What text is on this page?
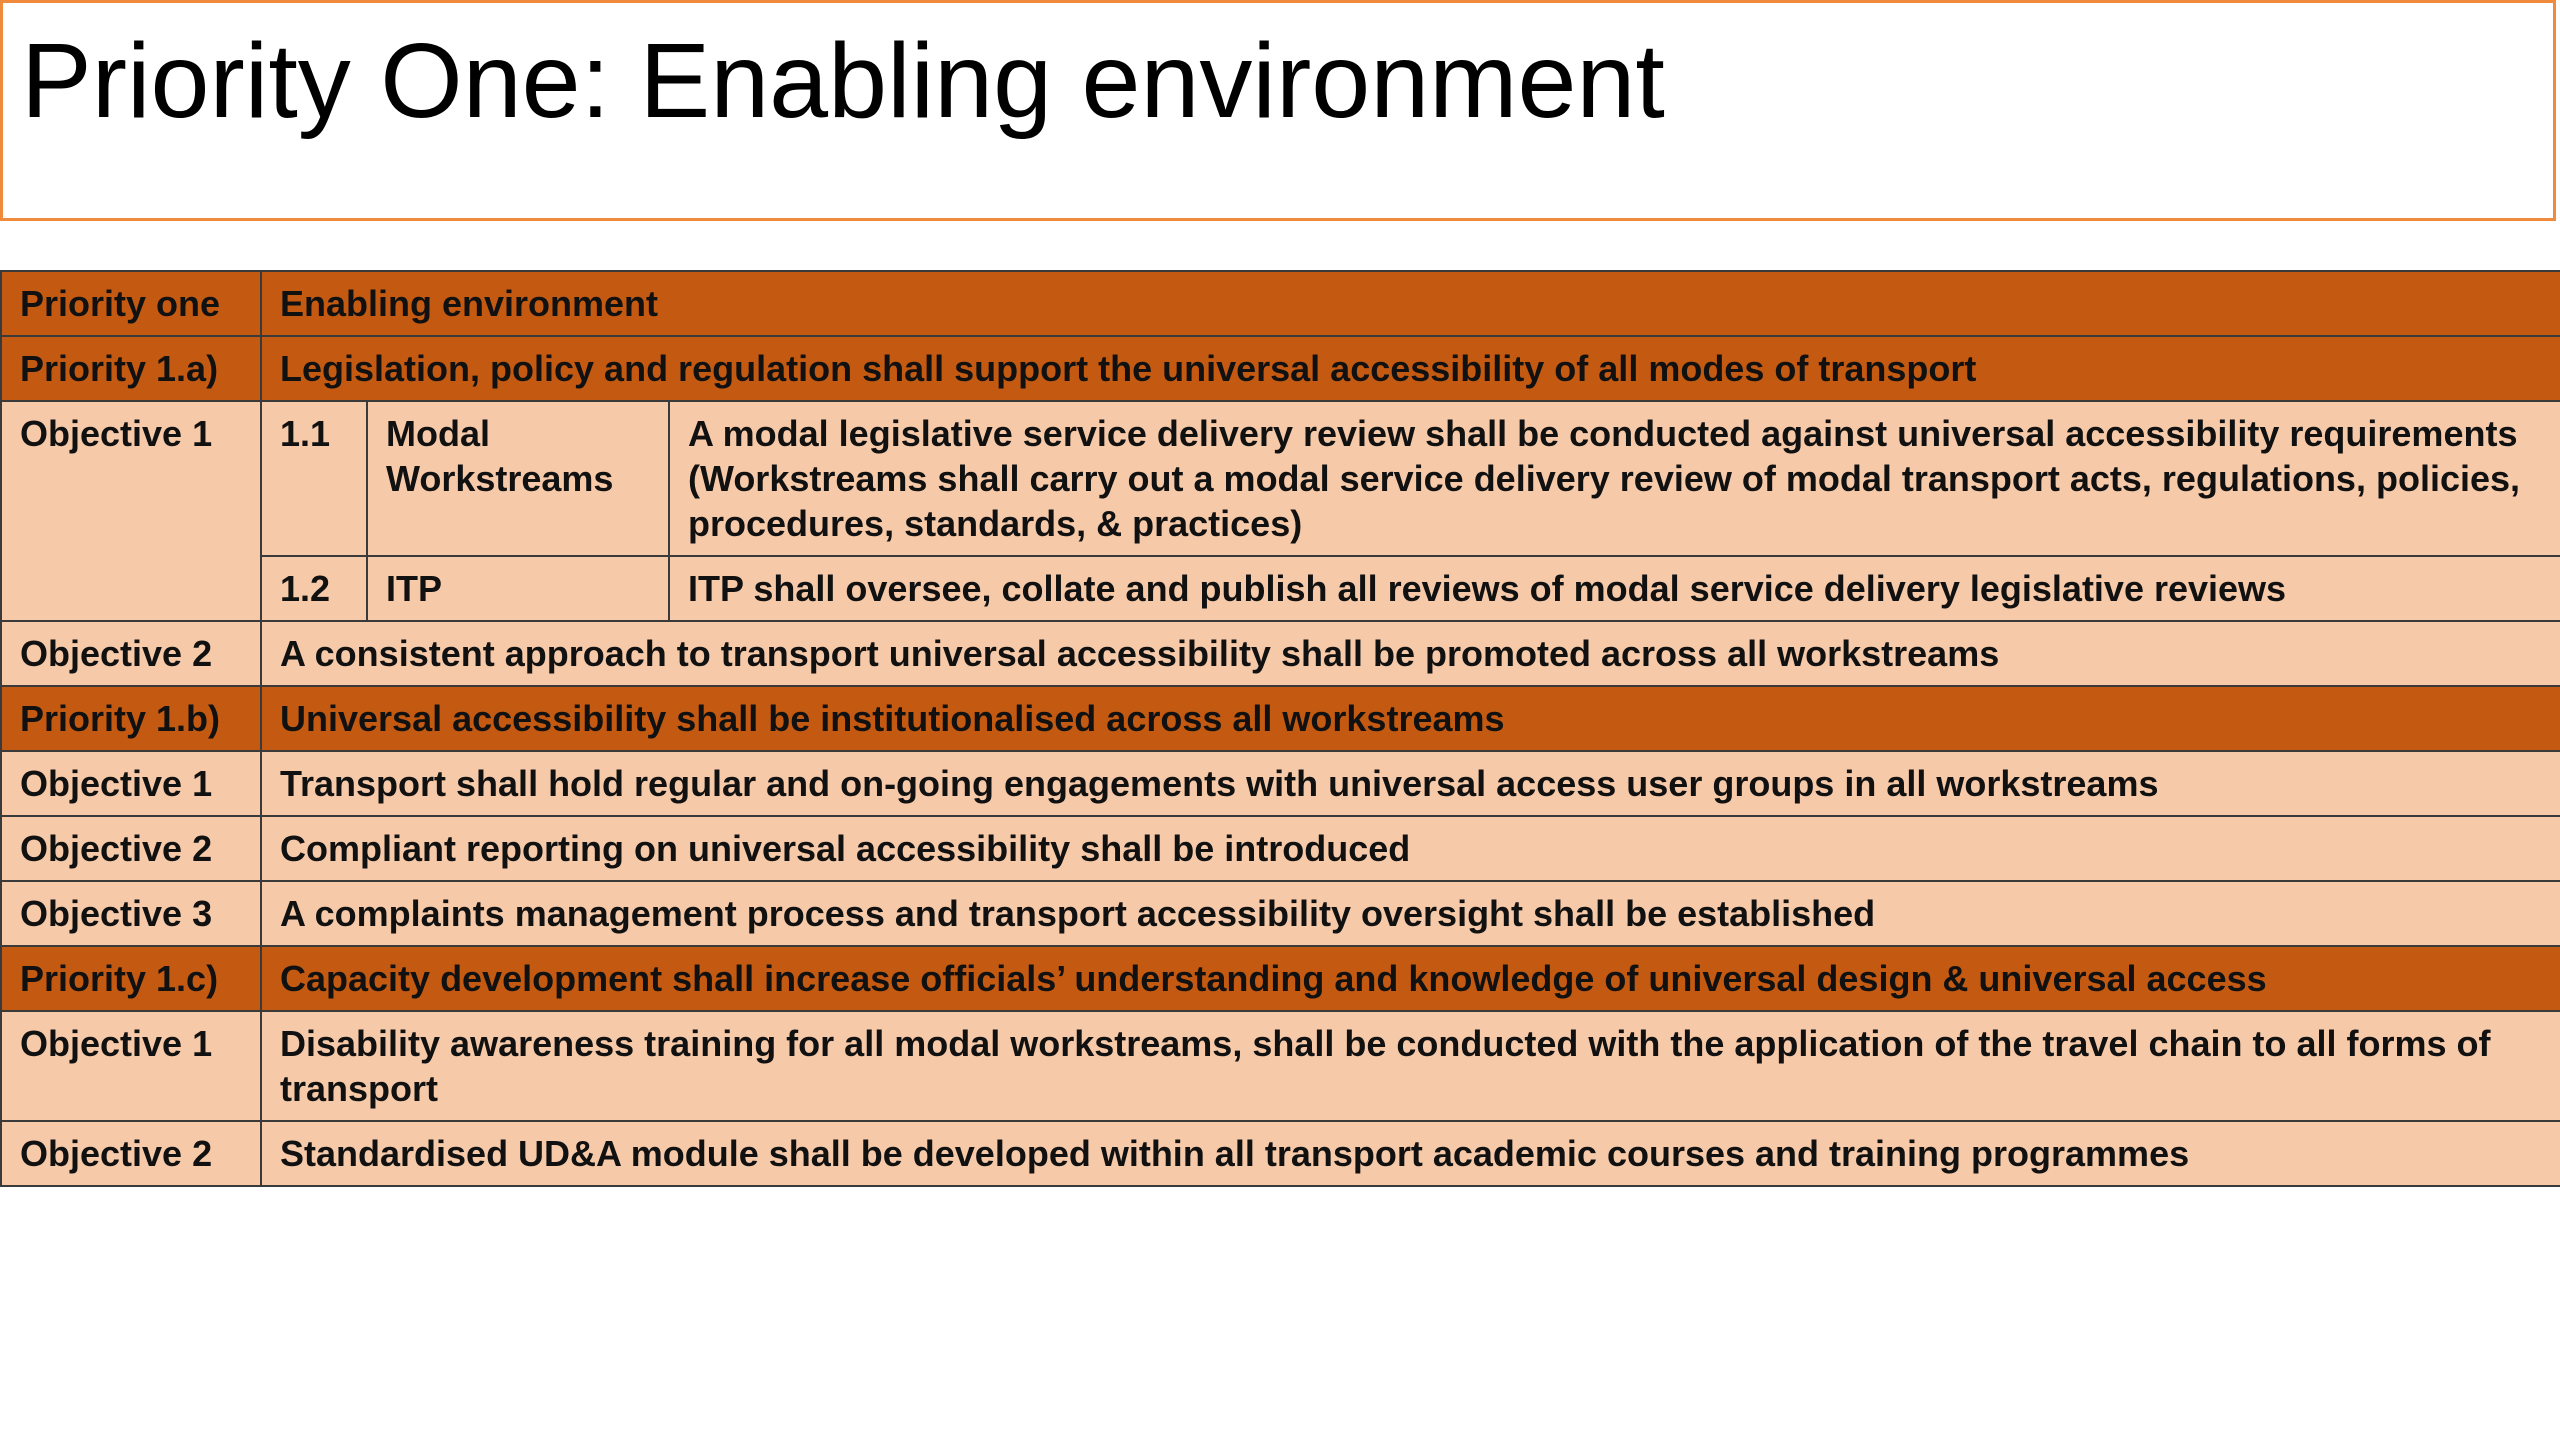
Priority One: Enabling environment
Priority one	Enabling environment		
Priority 1.a)	Legislation, policy and regulation shall support the universal accessibility of all modes of transport		
Objective 1	1.1	Modal Workstreams	A modal legislative service delivery review shall be conducted against universal accessibility requirements (Workstreams shall carry out a modal service delivery review of modal transport acts, regulations, policies, procedures, standards, & practices)
	1.2	ITP	ITP shall oversee, collate and publish all reviews of modal service delivery legislative reviews
Objective 2	A consistent approach to transport universal accessibility shall be promoted across all workstreams		
Priority 1.b)	Universal accessibility shall be institutionalised across all workstreams		
Objective 1	Transport shall hold regular and on-going engagements with universal access user groups in all workstreams		
Objective 2	Compliant reporting on universal accessibility shall be introduced		
Objective 3	A complaints management process and transport accessibility oversight shall be established		
Priority 1.c)	Capacity development shall increase officials’ understanding and knowledge of universal design & universal access		
Objective 1	Disability awareness training for all modal workstreams, shall be conducted with the application of the travel chain to all forms of transport		
Objective 2	Standardised UD&A module shall be developed within all transport academic courses and training programmes		
